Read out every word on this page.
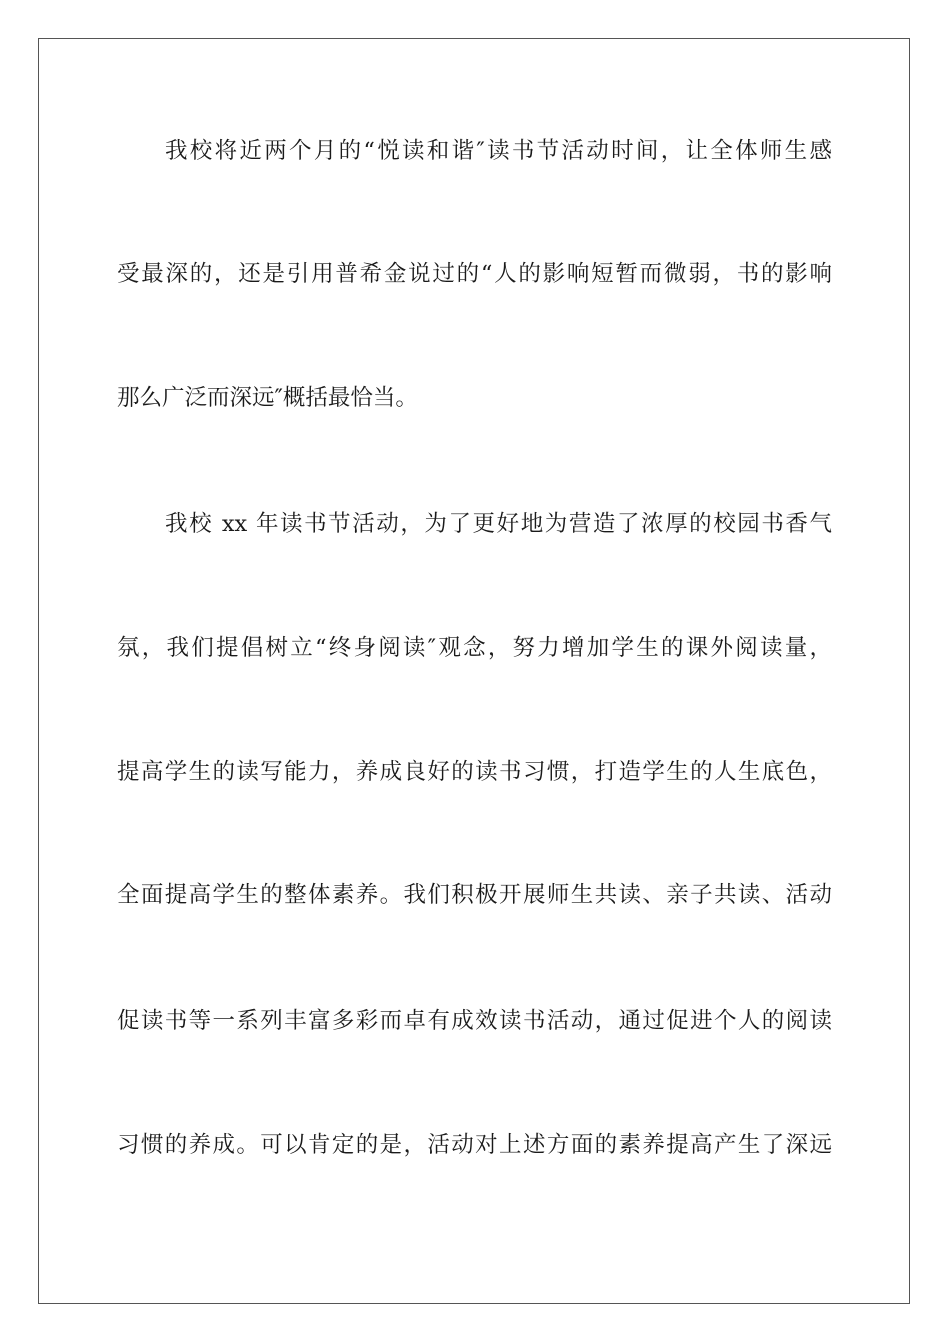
我校将近两个月的“悦读和谐″读书节活动时间，让全体师生感
受最深的，还是引用普希金说过的“人的影响短暂而微弱，书的影响
那么广泛而深远″概括最恰当。
我校 xx 年读书节活动，为了更好地为营造了浓厚的校园书香气
氛，我们提倡树立“终身阅读″观念，努力增加学生的课外阅读量，
提高学生的读写能力，养成良好的读书习惯，打造学生的人生底色，
全面提高学生的整体素养。我们积极开展师生共读、亲子共读、活动
促读书等一系列丰富多彩而卓有成效读书活动，通过促进个人的阅读
习惯的养成。可以肯定的是，活动对上述方面的素养提高产生了深远
